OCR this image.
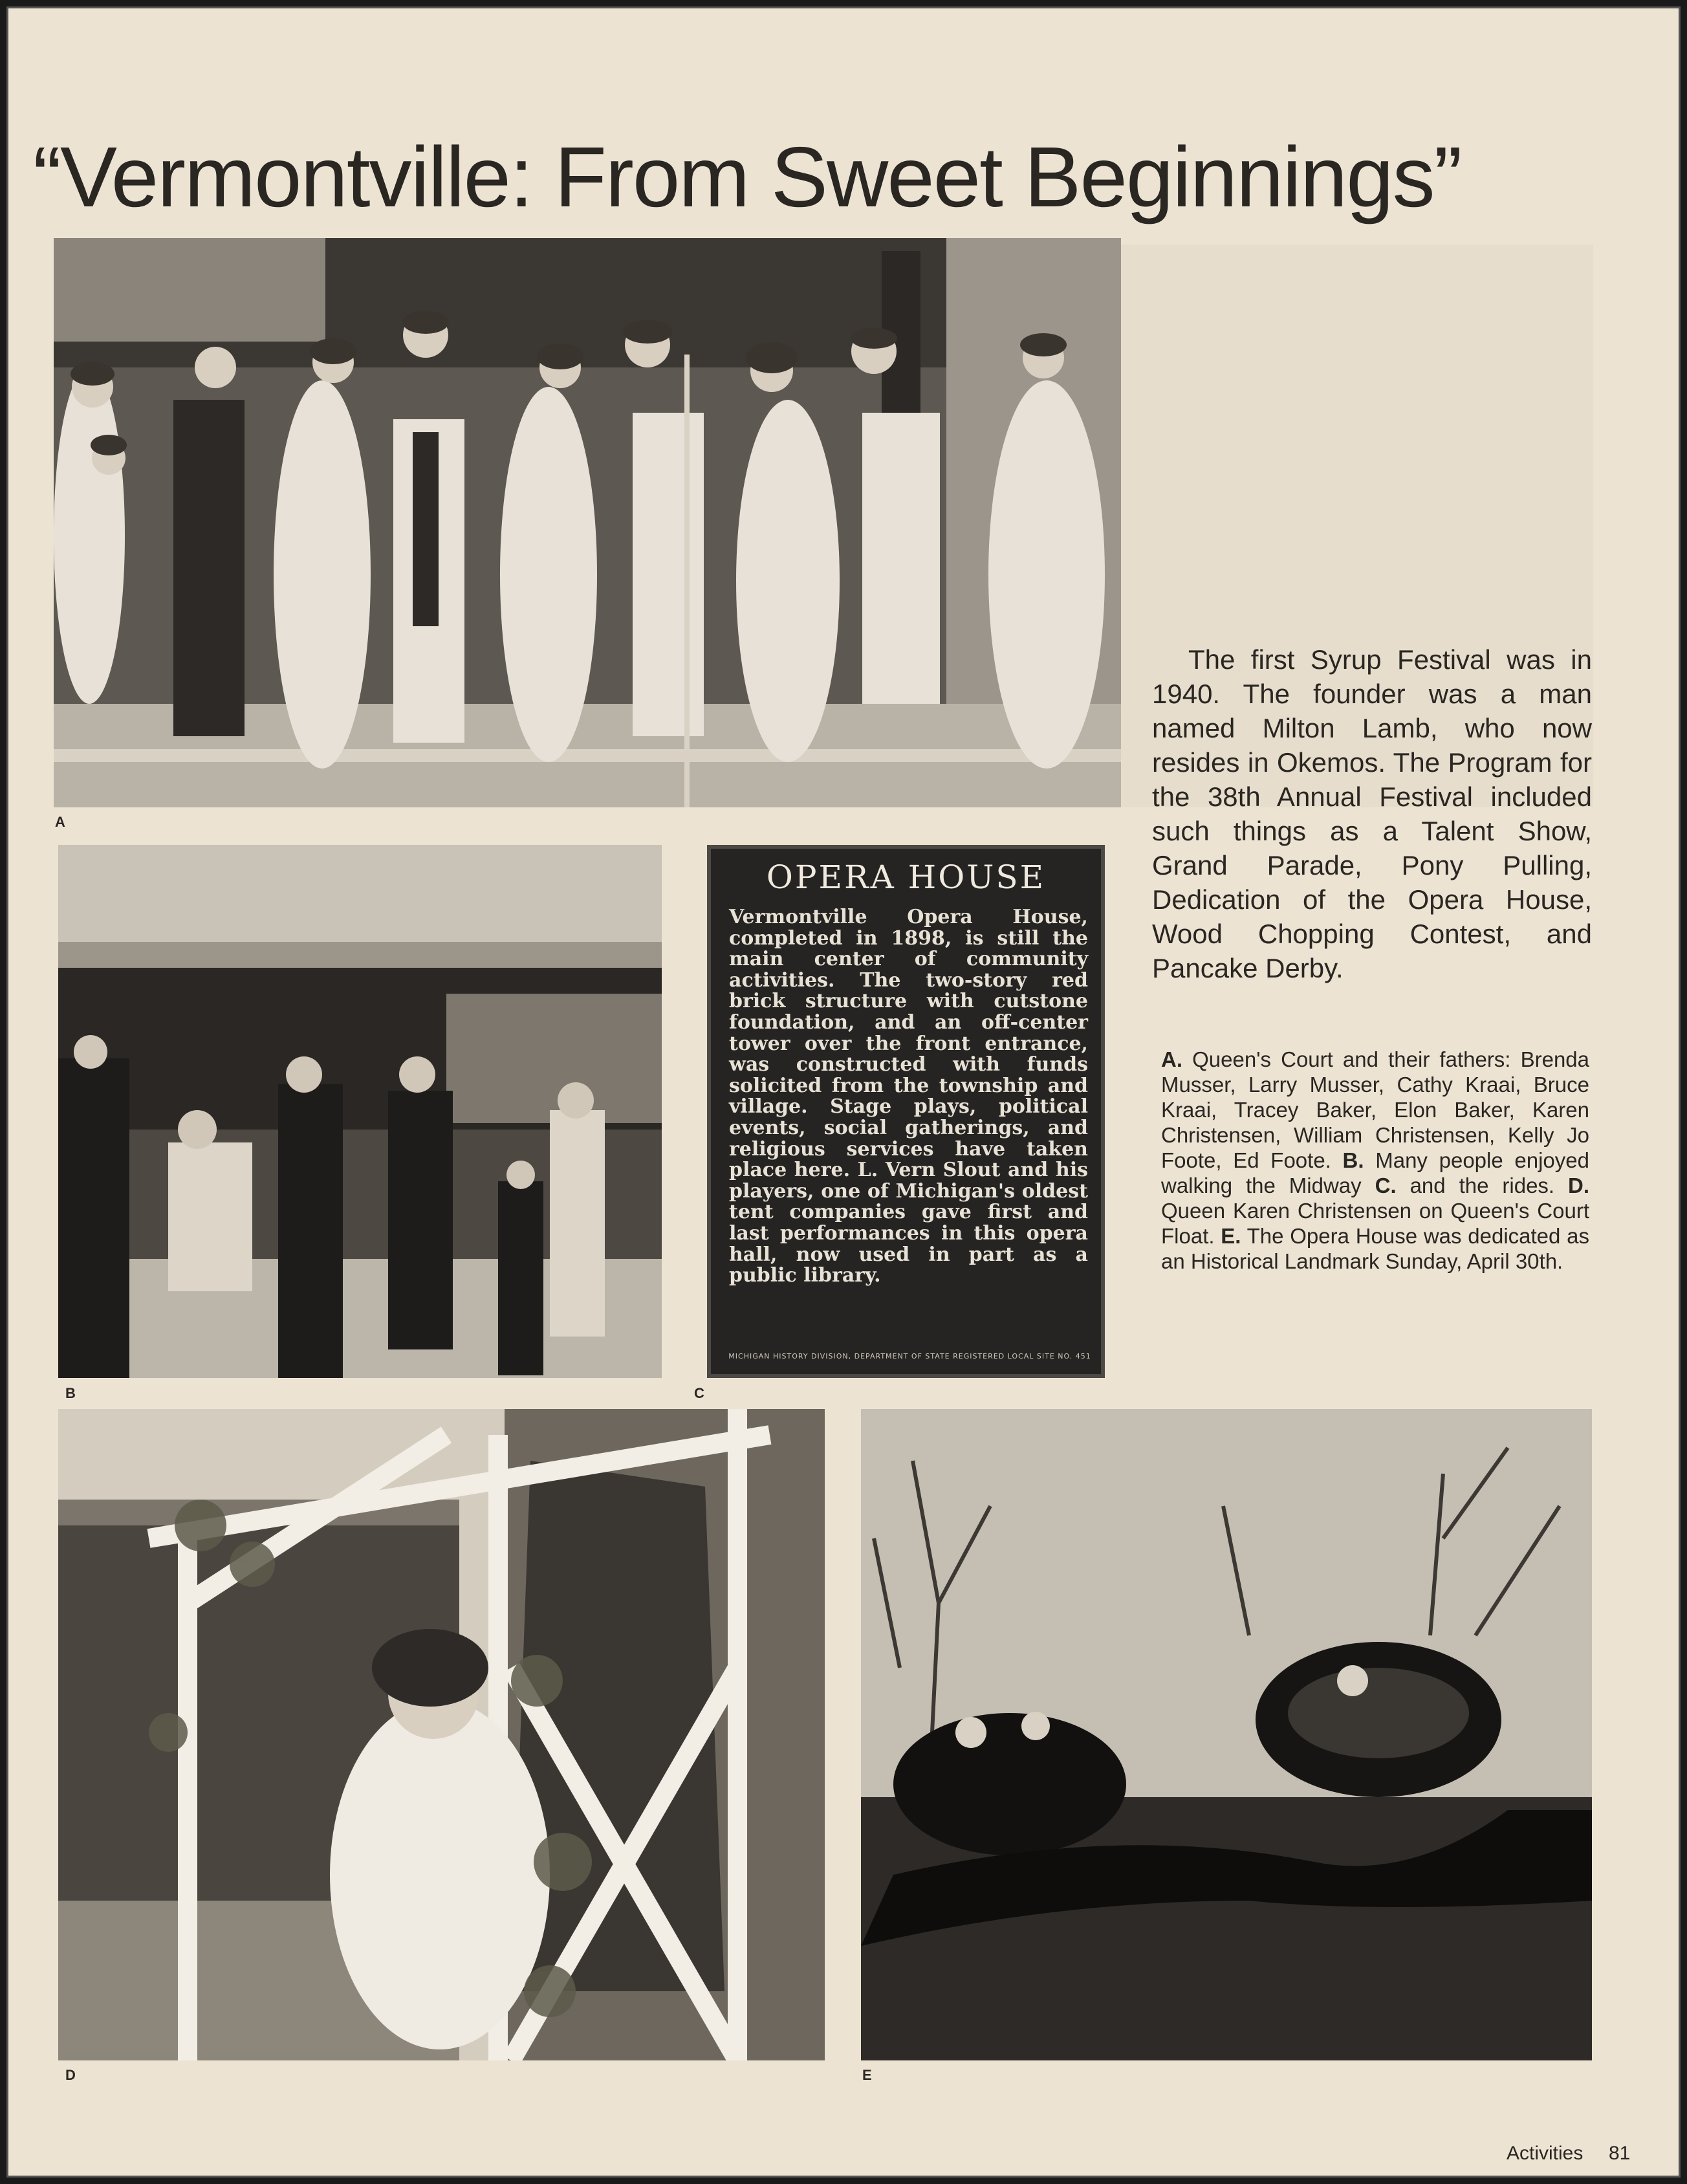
“Vermontville: From Sweet Beginnings”
A
B
OPERA HOUSE
Vermontville Opera House, completed in 1898, is still the main center of community activities. The two-story red brick structure with cutstone foundation, and an off-center tower over the front entrance, was constructed with funds solicited from the township and village. Stage plays, political events, social gatherings, and religious services have taken place here. L. Vern Slout and his players, one of Michigan's oldest tent companies gave first and last performances in this opera hall, now used in part as a public library.
MICHIGAN HISTORY DIVISION, DEPARTMENT OF STATE REGISTERED LOCAL SITE NO. 451
C
D	E
The first Syrup Festival was in 1940. The founder was a man named Milton Lamb, who now resides in Okemos. The Program for the 38th Annual Festival included such things as a Talent Show, Grand Parade, Pony Pulling, Dedication of the Opera House, Wood Chopping Contest, and Pancake Derby.
A. Queen's Court and their fathers: Brenda Musser, Larry Musser, Cathy Kraai, Bruce Kraai, Tracey Baker, Elon Baker, Karen Christensen, William Christensen, Kelly Jo Foote, Ed Foote. B. Many people enjoyed walking the Midway C. and the rides. D. Queen Karen Christensen on Queen's Court Float. E. The Opera House was dedicated as an Historical Landmark Sunday, April 30th.
Activities 81
